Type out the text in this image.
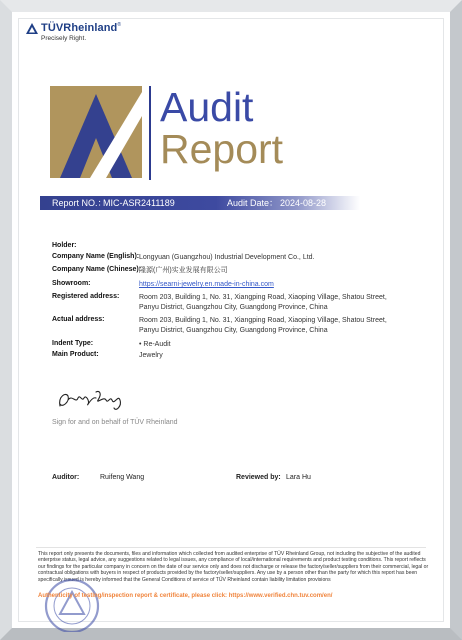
TÜVRheinland ®
Precisely Right.
Audit
Report
Report NO.：
MIC-ASR2411189	Audit Date： 2024-08-28
Holder:
Company Name (English): Longyuan (Guangzhou) Industrial Development Co., Ltd.
Company Name (Chinese):
隆源(广州)实业发展有限公司
Showroom:	https://searni-jewelry.en.made-in-china.com
Registered address:	Room 203, Building 1, No. 31, Xiangping Road, Xiaoping Village, Shatou Street, Panyu District, Guangzhou City, Guangdong Province, China
Actual address:	Room 203, Building 1, No. 31, Xiangping Road, Xiaoping Village, Shatou Street, Panyu District, Guangzhou City, Guangdong Province, China
Indent Type:	• Re-Audit
Main Product:	Jewelry
Sign for and on behalf of TÜV Rheinland
Auditor:	Ruifeng Wang	Reviewed by: Lara Hu
This report only presents the documents, files and information which collected from audited enterprise of TÜV Rheinland Group, not including the subjective of the audited enterprise status, legal advice, any suggestions related to legal issues, any compliance of local/international requirements and product testing conditions. This report reflects our findings for the particular company in concern on the date of our service only and does not discharge or release the factory/seller/suppliers from their commercial, legal or contractual obligations with buyers in respect of products provided by the factory/seller/suppliers. Any use by a person other than the party for which this report has been specifically issued is hereby informed that the General Conditions of service of TÜV Rheinland contain liability limitation provisions
Authenticity of testing/inspection report & certificate, please click: https://www.verified.chn.tuv.com/en/
